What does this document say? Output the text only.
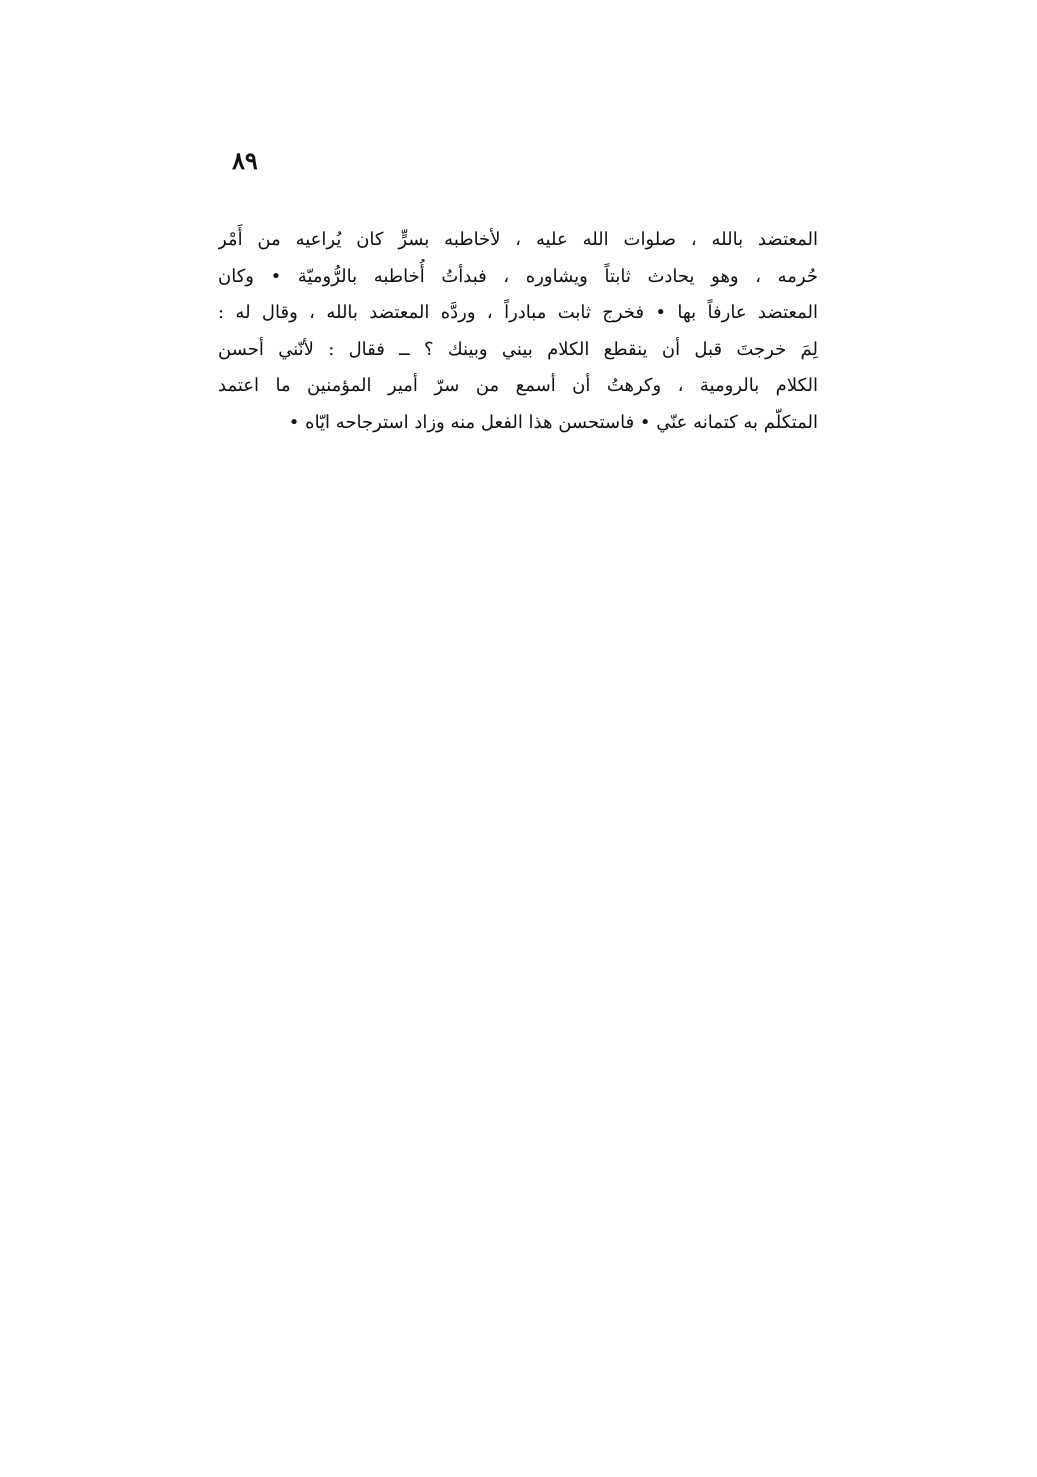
٨٩
المعتضد بالله ، صلوات الله عليه ، لأخاطبه بسرٍّ كان يُراعيه من أَمْر
حُرمه ، وهو يحادث ثابتاً ويشاوره ، فبدأتُ أُخاطبه بالرُّوميّة • وكان
المعتضد عارفاً بها • فخرج ثابت مبادراً ، وردَّه المعتضد بالله ، وقال له :
لِمَ خرجتَ قبل أن ينقطع الكلام بيني وبينك ؟ ــ فقال : لأنّني أحسن
الكلام بالرومية ، وكرهتُ أن أسمع من سرّ أمير المؤمنين ما اعتمد
المتكلّم به كتمانه عنّي • فاستحسن هذا الفعل منه وزاد استرجاحه ايّاه •
